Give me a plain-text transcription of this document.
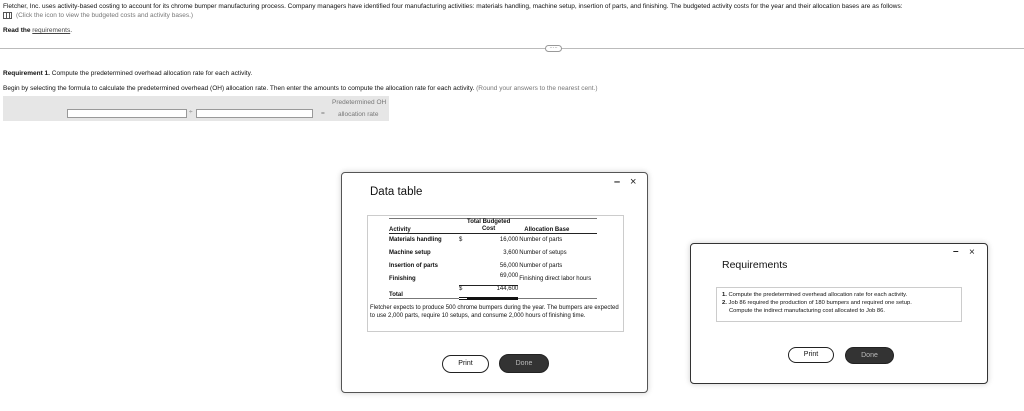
Fletcher, Inc. uses activity-based costing to account for its chrome bumper manufacturing process. Company managers have identified four manufacturing activities: materials handling, machine setup, insertion of parts, and finishing. The budgeted activity costs for the year and their allocation bases are as follows:
(Click the icon to view the budgeted costs and activity bases.)
Read the requirements.
·····
Requirement 1. Compute the predetermined overhead allocation rate for each activity.
Begin by selecting the formula to calculate the predetermined overhead (OH) allocation rate. Then enter the amounts to compute the allocation rate for each activity. (Round your answers to the nearest cent.)
÷	=
Predetermined OH
allocation rate
Data table
– ×
Activity	Total Budgeted
Cost		Allocation Base
Materials handling	$	16,000	Number of parts
Machine setup		3,600	Number of setups
Insertion of parts		56,000	Number of parts
Finishing		69,000	Finishing direct labor hours
Total	$	144,600	
Fletcher expects to produce 500 chrome bumpers during the year. The bumpers are expected to use 2,000 parts, require 10 setups, and consume 2,000 hours of finishing time.
Print	Done
Requirements
– ×
1. Compute the predetermined overhead allocation rate for each activity.
2. Job 86 required the production of 180 bumpers and required one setup.
Compute the indirect manufacturing cost allocated to Job 86.
Print	Done
